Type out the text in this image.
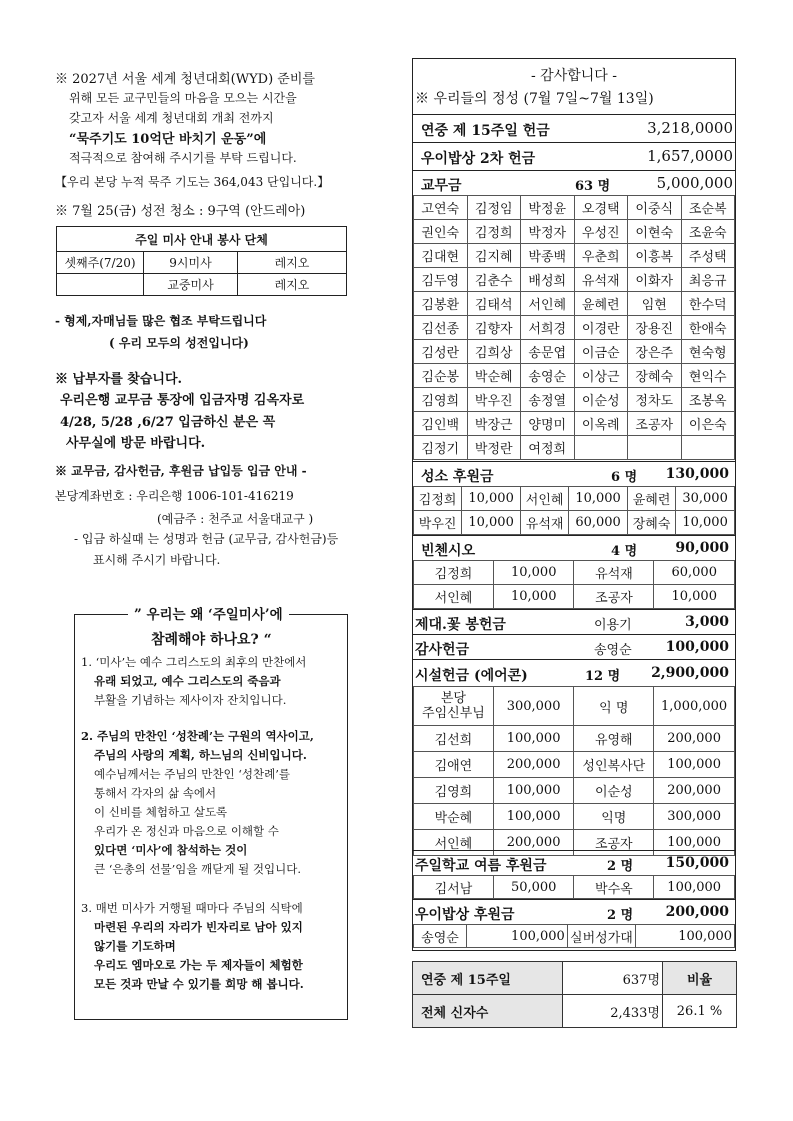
※ 2027년 서울 세계 청년대회(WYD) 준비를
위해 모든 교구민들의 마음을 모으는 시간을
갖고자 서울 세계 청년대회 개최 전까지
“묵주기도 10억단 바치기 운동”에
적극적으로 참여해 주시기를 부탁 드립니다.
【우리 본당 누적 묵주 기도는 364,043 단입니다.】
※ 7월 25(금) 성전 청소 : 9구역 (안드레아)
주일 미사 안내 봉사 단체		
셋째주(7/20)	9시미사	레지오
	교중미사	레지오
- 형제,자매님들 많은 협조 부탁드립니다
( 우리 모두의 성전입니다)
※ 납부자를 찾습니다.
우리은행 교무금 통장에 입금자명 김옥자로
4/28, 5/28 ,6/27 입금하신 분은 꼭
사무실에 방문 바랍니다.
※ 교무금, 감사헌금, 후원금 납입등 입금 안내 -
본당계좌번호 : 우리은행 1006-101-416219
(예금주 : 천주교 서울대교구 )
- 입금 하실때 는 성명과 헌금 (교무금, 감사헌금)등
표시해 주시기 바랍니다.
” 우리는 왜 ‘주일미사’에
참례해야 하나요? “

1. ‘미사’는 예수 그리스도의 최후의 만찬에서

유래 되었고, 예수 그리스도의 죽음과

부활을 기념하는 제사이자 잔치입니다.

2. 주님의 만찬인 ‘성찬례’는 구원의 역사이고,

주님의 사랑의 계획, 하느님의 신비입니다.

예수님께서는 주님의 만찬인 ‘성찬례’를

통해서 각자의 삶 속에서

이 신비를 체험하고 살도록

우리가 온 정신과 마음으로 이해할 수

있다면 ‘미사’에 참석하는 것이

큰 ‘은총의 선물’임을 깨닫게 될 것입니다.

3. 매번 미사가 거행될 때마다 주님의 식탁에

마련된 우리의 자리가 빈자리로 남아 있지

않기를 기도하며

우리도 엠마오로 가는 두 제자들이 체험한

모든 것과 만날 수 있기를 희망 해 봅니다.

- 감사합니다 -
※ 우리들의 정성 (7월 7일~7월 13일)
연중 제 15주일 헌금	3,218,0000
우이밥상 2차 헌금	1,657,0000
교무금	63 명	5,000,000
고연숙	김정임	박정윤	오경택	이중식	조순복
권인숙	김정희	박정자	우성진	이현숙	조윤숙
김대현	김지혜	박종백	우춘희	이흥복	주성택
김두영	김춘수	배성희	유석재	이화자	최응규
김봉환	김태석	서인혜	윤혜련	임현	한수덕
김선종	김향자	서희경	이경란	장용진	한애숙
김성란	김희상	송문엽	이금순	장은주	현숙형
김순봉	박순혜	송영순	이상근	장혜숙	현익수
김영희	박우진	송정열	이순성	정차도	조봉옥
김인백	박장근	양명미	이옥례	조공자	이은숙
김정기	박정란	여정희			
성소 후원금	6 명 130,000
김정희	10,000	서인혜	10,000	윤혜련	30,000
박우진	10,000	유석재	60,000	장혜숙	10,000
빈첸시오	4 명	90,000
김정희	10,000	유석재	60,000
서인혜	10,000	조공자	10,000
제대.꽃 봉헌금	이용기	3,000
감사헌금	송영순 100,000
시설헌금 (에어콘)	12 명 2,900,000
본당
주임신부님	300,000	익 명	1,000,000
김선희	100,000	유영해	200,000
김애연	200,000	성인복사단	100,000
김영희	100,000	이순성	200,000
박순혜	100,000	익명	300,000
서인혜	200,000	조공자	100,000
주일학교 여름 후원금	2 명 150,000
김서남	50,000	박수옥	100,000
우이밥상 후원금	2 명 200,000
송영순	100,000	실버성가대	100,000
연중 제 15주일	637명	비율
전체 신자수	2,433명	26.1 %
